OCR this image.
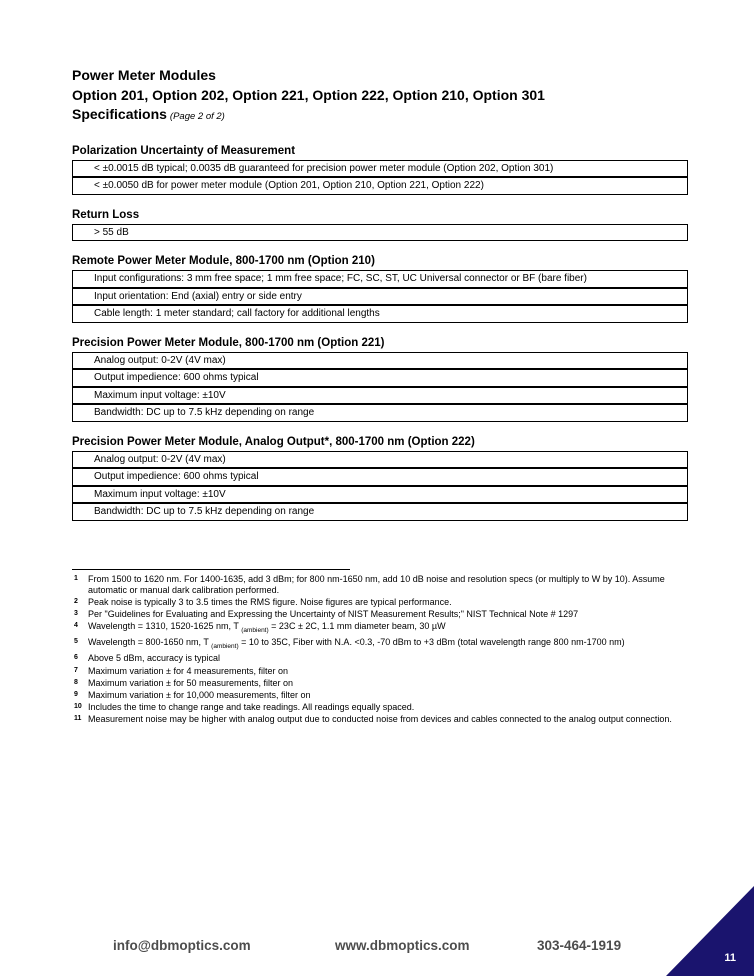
Power Meter Modules
Option 201, Option 202, Option 221, Option 222, Option 210, Option 301
Specifications (Page 2 of 2)
Polarization Uncertainty of Measurement
< ±0.0015 dB typical; 0.0035 dB guaranteed for precision power meter module (Option 202, Option 301)
< ±0.0050 dB for power meter module (Option 201, Option 210, Option 221, Option 222)
Return Loss
> 55 dB
Remote Power Meter Module, 800-1700 nm (Option 210)
Input configurations: 3 mm free space; 1 mm free space; FC, SC, ST, UC Universal connector or BF (bare fiber)
Input orientation: End (axial) entry or side entry
Cable length: 1 meter standard; call factory for additional lengths
Precision Power Meter Module, 800-1700 nm (Option 221)
Analog output: 0-2V (4V max)
Output impedience: 600 ohms typical
Maximum input voltage: ±10V
Bandwidth: DC up to 7.5 kHz depending on range
Precision Power Meter Module, Analog Output*, 800-1700 nm (Option 222)
Analog output: 0-2V (4V max)
Output impedience: 600 ohms typical
Maximum input voltage: ±10V
Bandwidth: DC up to 7.5 kHz depending on range
1	From 1500 to 1620 nm. For 1400-1635, add 3 dBm; for 800 nm-1650 nm, add 10 dB noise and resolution specs (or multiply to W by 10). Assume automatic or manual dark calibration performed.
2	Peak noise is typically 3 to 3.5 times the RMS figure. Noise figures are typical performance.
3	Per "Guidelines for Evaluating and Expressing the Uncertainty of NIST Measurement Results;" NIST Technical Note # 1297
4	Wavelength = 1310, 1520-1625 nm, T $_{(ambient)}$ = 23C ± 2C, 1.1 mm diameter beam, 30 µW
5	Wavelength = 800-1650 nm, T $_{(ambient)}$ = 10 to 35C, Fiber with N.A. <0.3, -70 dBm to +3 dBm (total wavelength range 800 nm-1700 nm)
6	Above 5 dBm, accuracy is typical
7	Maximum variation ± for 4 measurements, filter on
8	Maximum variation ± for 50 measurements, filter on
9	Maximum variation ± for 10,000 measurements, filter on
10 Includes the time to change range and take readings. All readings equally spaced.
11 Measurement noise may be higher with analog output due to conducted noise from devices and cables connected to the analog output connection.
info@dbmoptics.com	www.dbmoptics.com	303-464-1919
11
